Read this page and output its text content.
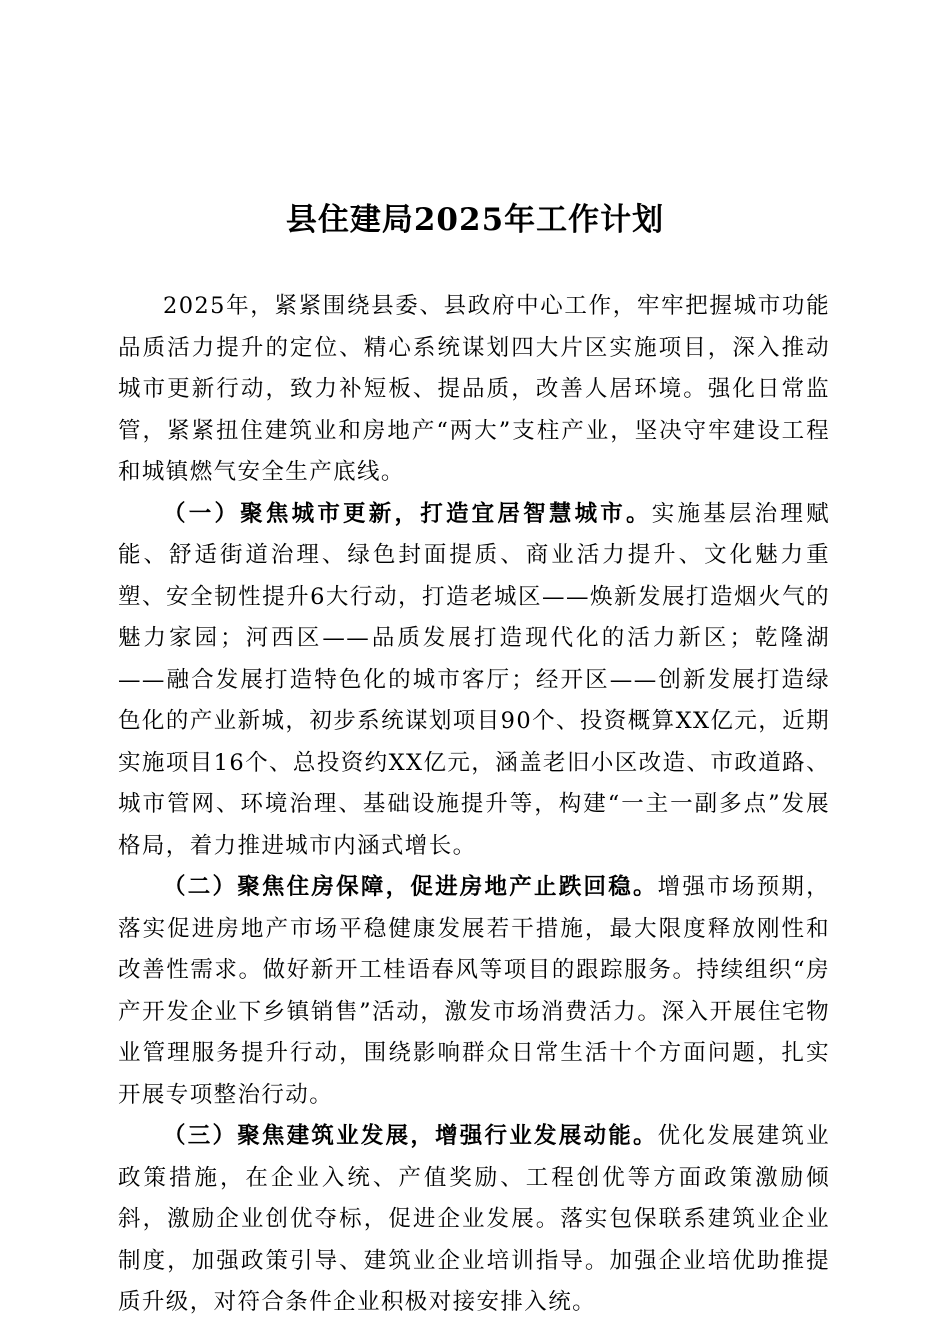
县住建局2025年工作计划

2025年，紧紧围绕县委、县政府中心工作，牢牢把握城市功能品质活力提升的定位、精心系统谋划四大片区实施项目，深入推动城市更新行动，致力补短板、提品质，改善人居环境。强化日常监管，紧紧扭住建筑业和房地产“两大”支柱产业，坚决守牢建设工程和城镇燃气安全生产底线。

（一）聚焦城市更新，打造宜居智慧城市。实施基层治理赋能、舒适街道治理、绿色封面提质、商业活力提升、文化魅力重塑、安全韧性提升6大行动，打造老城区——焕新发展打造烟火气的魅力家园；河西区——品质发展打造现代化的活力新区；乾隆湖——融合发展打造特色化的城市客厅；经开区——创新发展打造绿色化的产业新城，初步系统谋划项目90个、投资概算XX亿元，近期实施项目16个、总投资约XX亿元，涵盖老旧小区改造、市政道路、城市管网、环境治理、基础设施提升等，构建“一主一副多点”发展格局，着力推进城市内涵式增长。

（二）聚焦住房保障，促进房地产止跌回稳。增强市场预期，落实促进房地产市场平稳健康发展若干措施，最大限度释放刚性和改善性需求。做好新开工桂语春风等项目的跟踪服务。持续组织“房产开发企业下乡镇销售”活动，激发市场消费活力。深入开展住宅物业管理服务提升行动，围绕影响群众日常生活十个方面问题，扎实开展专项整治行动。

（三）聚焦建筑业发展，增强行业发展动能。优化发展建筑业政策措施，在企业入统、产值奖励、工程创优等方面政策激励倾斜，激励企业创优夺标，促进企业发展。落实包保联系建筑业企业制度，加强政策引导、建筑业企业培训指导。加强企业培优助推提质升级，对符合条件企业积极对接安排入统。
